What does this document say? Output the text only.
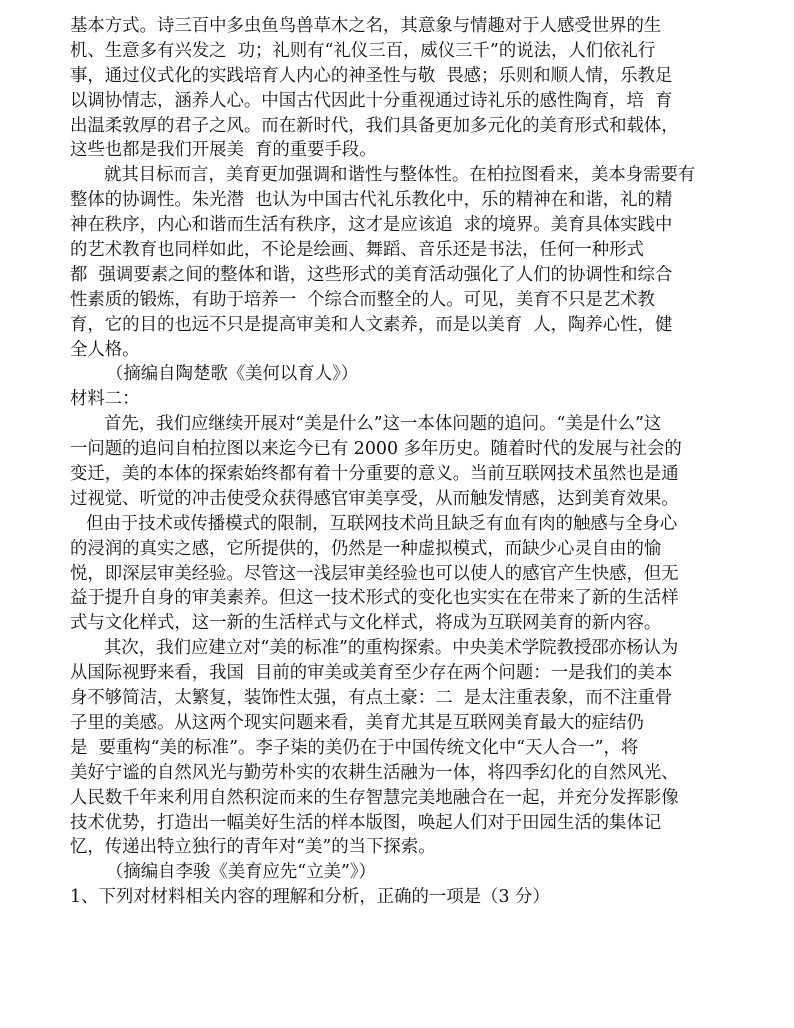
基本方式。诗三百中多虫鱼鸟兽草木之名，其意象与情趣对于人感受世界的生
机、生意多有兴发之  功；礼则有“礼仪三百，威仪三千”的说法，人们依礼行
事，通过仪式化的实践培育人内心的神圣性与敬  畏感；乐则和顺人情，乐教足
以调协情志，涵养人心。中国古代因此十分重视通过诗礼乐的感性陶育，培  育
出温柔敦厚的君子之风。而在新时代，我们具备更加多元化的美育形式和载体，
这些也都是我们开展美  育的重要手段。
就其目标而言，美育更加强调和谐性与整体性。在柏拉图看来，美本身需要有
整体的协调性。朱光潜  也认为中国古代礼乐教化中，乐的精神在和谐，礼的精
神在秩序，内心和谐而生活有秩序，这才是应该追  求的境界。美育具体实践中
的艺术教育也同样如此，不论是绘画、舞蹈、音乐还是书法，任何一种形式
都  强调要素之间的整体和谐，这些形式的美育活动强化了人们的协调性和综合
性素质的锻炼，有助于培养一  个综合而整全的人。可见，美育不只是艺术教
育，它的目的也远不只是提高审美和人文素养，而是以美育  人，陶养心性，健
全人格。
（摘编自陶楚歌《美何以育人》）
材料二：
首先，我们应继续开展对“美是什么”这一本体问题的追问。“美是什么”这
一问题的追问自柏拉图以来迄今已有 2000 多年历史。随着时代的发展与社会的
变迁，美的本体的探索始终都有着十分重要的意义。当前互联网技术虽然也是通
过视觉、听觉的冲击使受众获得感官审美享受，从而触发情感，达到美育效果。
但由于技术或传播模式的限制，互联网技术尚且缺乏有血有肉的触感与全身心
的浸润的真实之感，它所提供的，仍然是一种虚拟模式，而缺少心灵自由的愉
悦，即深层审美经验。尽管这一浅层审美经验也可以使人的感官产生快感，但无
益于提升自身的审美素养。但这一技术形式的变化也实实在在带来了新的生活样
式与文化样式，这一新的生活样式与文化样式，将成为互联网美育的新内容。
其次，我们应建立对“美的标准”的重构探索。中央美术学院教授邵亦杨认为
从国际视野来看，我国  目前的审美或美育至少存在两个问题：一是我们的美本
身不够简洁，太繁复，装饰性太强，有点土豪：二  是太注重表象，而不注重骨
子里的美感。从这两个现实问题来看，美育尤其是互联网美育最大的症结仍
是  要重构“美的标准”。李子柒的美仍在于中国传统文化中“天人合一”，将
美好宁谧的自然风光与勤劳朴实的农耕生活融为一体，将四季幻化的自然风光、
人民数千年来利用自然积淀而来的生存智慧完美地融合在一起，并充分发挥影像
技术优势，打造出一幅美好生活的样本版图，唤起人们对于田园生活的集体记
忆，传递出特立独行的青年对“美”的当下探索。
（摘编自李骏《美育应先“立美”》）
1、下列对材料相关内容的理解和分析，正确的一项是（3 分）
